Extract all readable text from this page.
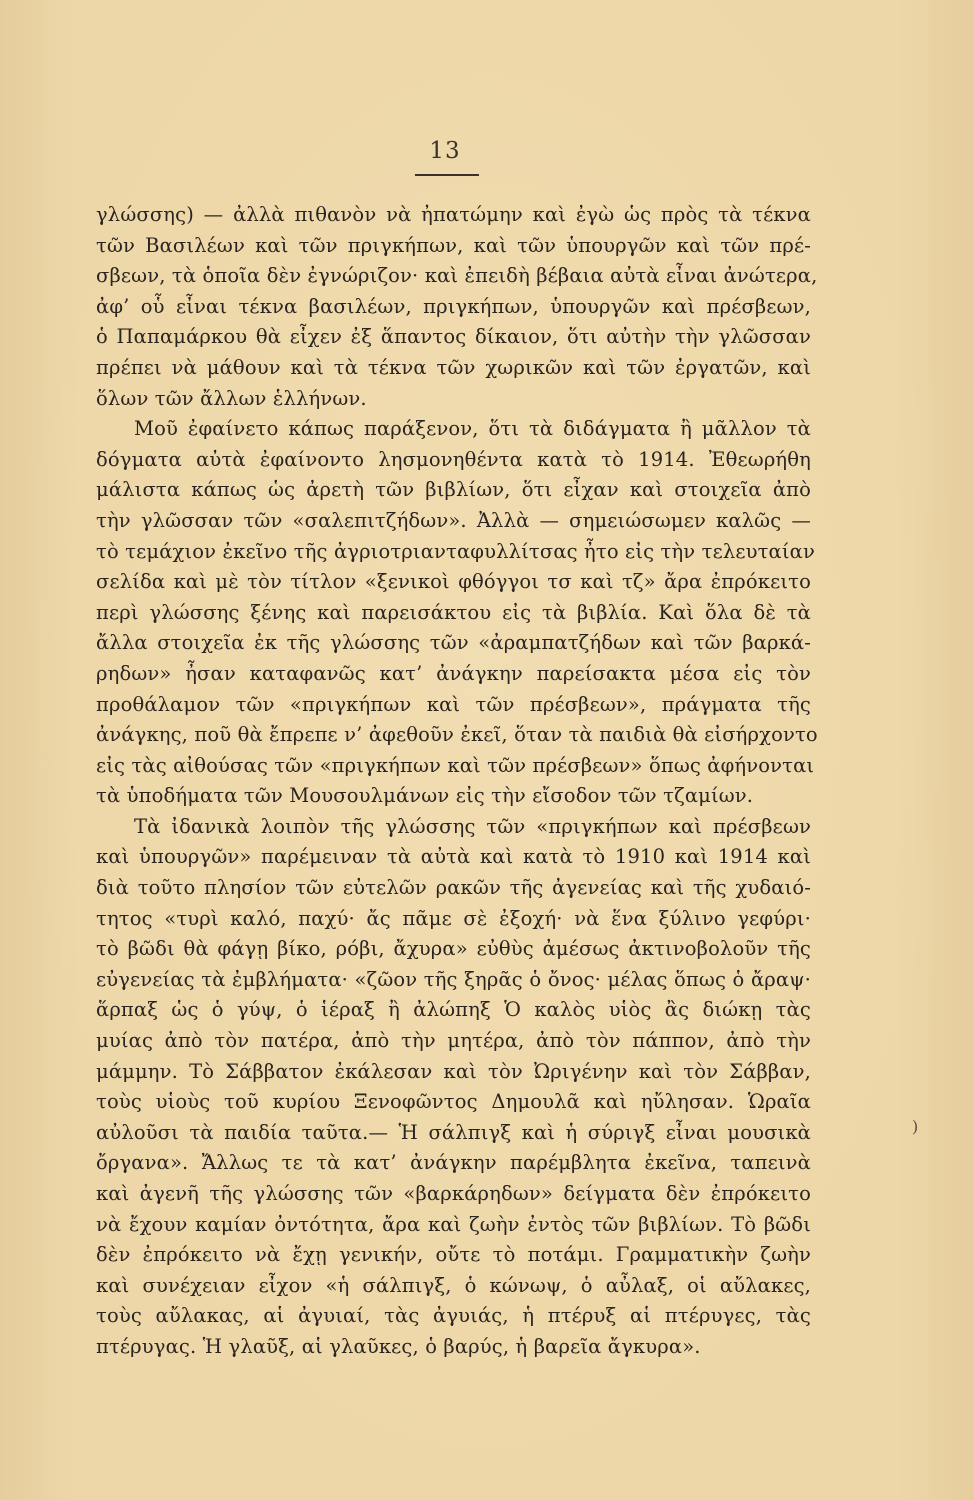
13
γλώσσης) — ἀλλὰ πιθανὸν νὰ ἠπατώμην καὶ ἐγὼ ὡς πρὸς τὰ τέκνα
τῶν Βασιλέων καὶ τῶν πριγκήπων, καὶ τῶν ὑπουργῶν καὶ τῶν πρέ-
σβεων, τὰ ὁποῖα δὲν ἐγνώριζον· καὶ ἐπειδὴ βέβαια αὐτὰ εἶναι ἀνώτερα,
ἀφ’ οὗ εἶναι τέκνα βασιλέων, πριγκήπων, ὑπουργῶν καὶ πρέσβεων,
ὁ Παπαμάρκου θὰ εἶχεν ἐξ ἅπαντος δίκαιον, ὅτι αὐτὴν τὴν γλῶσσαν
πρέπει νὰ μάθουν καὶ τὰ τέκνα τῶν χωρικῶν καὶ τῶν ἐργατῶν, καὶ
ὅλων τῶν ἄλλων ἑλλήνων.
Μοῦ ἐφαίνετο κάπως παράξενον, ὅτι τὰ διδάγματα ἢ μᾶλλον τὰ
δόγματα αὐτὰ ἐφαίνοντο λησμονηθέντα κατὰ τὸ 1914. Ἐθεωρήθη
μάλιστα κάπως ὡς ἀρετὴ τῶν βιβλίων, ὅτι εἶχαν καὶ στοιχεῖα ἀπὸ
τὴν γλῶσσαν τῶν «σαλεπιτζήδων». Ἀλλὰ — σημειώσωμεν καλῶς —
τὸ τεμάχιον ἐκεῖνο τῆς ἀγριοτριανταφυλλίτσας ἦτο εἰς τὴν τελευταίαν
σελίδα καὶ μὲ τὸν τίτλον «ξενικοὶ φθόγγοι τσ καὶ τζ» ἄρα ἐπρόκειτο
περὶ γλώσσης ξένης καὶ παρεισάκτου εἰς τὰ βιβλία. Καὶ ὅλα δὲ τὰ
ἄλλα στοιχεῖα ἐκ τῆς γλώσσης τῶν «ἀραμπατζήδων καὶ τῶν βαρκά-
ρηδων» ἦσαν καταφανῶς κατ’ ἀνάγκην παρείσακτα μέσα εἰς τὸν
προθάλαμον τῶν «πριγκήπων καὶ τῶν πρέσβεων», πράγματα τῆς
ἀνάγκης, ποῦ θὰ ἔπρεπε ν’ ἀφεθοῦν ἐκεῖ, ὅταν τὰ παιδιὰ θὰ εἰσήρχοντο
εἰς τὰς αἰθούσας τῶν «πριγκήπων καὶ τῶν πρέσβεων» ὅπως ἀφήνονται
τὰ ὑποδήματα τῶν Μουσουλμάνων εἰς τὴν εἴσοδον τῶν τζαμίων.
Τὰ ἰδανικὰ λοιπὸν τῆς γλώσσης τῶν «πριγκήπων καὶ πρέσβεων
καὶ ὑπουργῶν» παρέμειναν τὰ αὐτὰ καὶ κατὰ τὸ 1910 καὶ 1914 καὶ
διὰ τοῦτο πλησίον τῶν εὐτελῶν ρακῶν τῆς ἀγενείας καὶ τῆς χυδαιό-
τητος «τυρὶ καλό, παχύ· ἄς πᾶμε σὲ ἐξοχή· νὰ ἕνα ξύλινο γεφύρι·
τὸ βῶδι θὰ φάγῃ βίκο, ρόβι, ἄχυρα» εὐθὺς ἀμέσως ἀκτινοβολοῦν τῆς
εὐγενείας τὰ ἐμβλήματα· «ζῶον τῆς ξηρᾶς ὁ ὄνος· μέλας ὅπως ὁ ἄραψ·
ἅρπαξ ὡς ὁ γύψ, ὁ ἱέραξ ἢ ἀλώπηξ Ὁ καλὸς υἱὸς ἂς διώκῃ τὰς
μυίας ἀπὸ τὸν πατέρα, ἀπὸ τὴν μητέρα, ἀπὸ τὸν πάππον, ἀπὸ τὴν
μάμμην. Τὸ Σάββατον ἐκάλεσαν καὶ τὸν Ὠριγένην καὶ τὸν Σάββαν,
τοὺς υἱοὺς τοῦ κυρίου Ξενοφῶντος Δημουλᾶ καὶ ηὔλησαν. Ὡραῖα
αὐλοῦσι τὰ παιδία ταῦτα.— Ἡ σάλπιγξ καὶ ἡ σύριγξ εἶναι μουσικὰ
ὄργανα». Ἄλλως τε τὰ κατ’ ἀνάγκην παρέμβλητα ἐκεῖνα, ταπεινὰ
καὶ ἀγενῆ τῆς γλώσσης τῶν «βαρκάρηδων» δείγματα δὲν ἐπρόκειτο
νὰ ἔχουν καμίαν ὀντότητα, ἄρα καὶ ζωὴν ἐντὸς τῶν βιβλίων. Τὸ βῶδι
δὲν ἐπρόκειτο νὰ ἔχῃ γενικήν, οὔτε τὸ ποτάμι. Γραμματικὴν ζωὴν
καὶ συνέχειαν εἶχον «ἡ σάλπιγξ, ὁ κώνωψ, ὁ αὖλαξ, οἱ αὔλακες,
τοὺς αὔλακας, αἱ ἀγυιαί, τὰς ἀγυιάς, ἡ πτέρυξ αἱ πτέρυγες, τὰς
πτέρυγας. Ἡ γλαῦξ, αἱ γλαῦκες, ὁ βαρύς, ἡ βαρεῖα ἄγκυρα».
)
